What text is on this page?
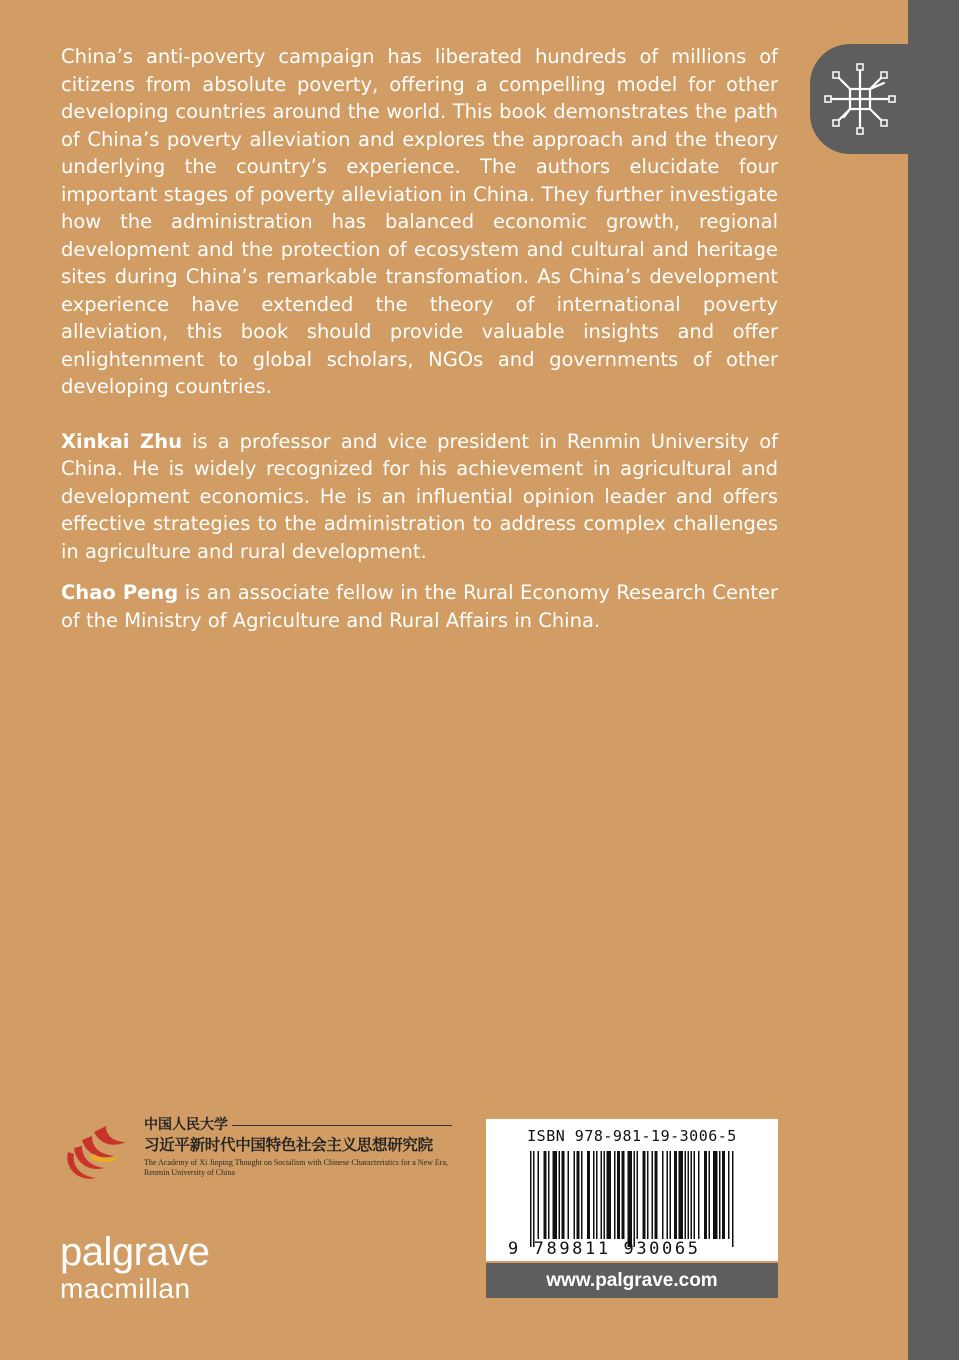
China’s anti-poverty campaign has liberated hundreds of millions of citizens from absolute poverty, offering a compelling model for other developing countries around the world. This book demonstrates the path of China’s poverty alleviation and explores the approach and the theory underlying the country’s experience. The authors elucidate four important stages of poverty alleviation in China. They further investigate how the administration has balanced economic growth, regional development and the protection of ecosystem and cultural and heritage sites during China’s remarkable transfomation. As China’s development experience have extended the theory of international poverty alleviation, this book should provide valuable insights and offer enlightenment to global scholars, NGOs and governments of other developing countries.

Xinkai Zhu is a professor and vice president in Renmin University of China. He is widely recognized for his achievement in agricultural and development economics. He is an influential opinion leader and offers effective strategies to the administration to address complex challenges in agriculture and rural development.

Chao Peng is an associate fellow in the Rural Economy Research Center of the Ministry of Agriculture and Rural Affairs in China.

中国人民大学
习近平新时代中国特色社会主义思想研究院
The Academy of Xi Jinping Thought on Socialism with Chinese Characteristics for a New Era, Renmin University of China
palgrave
macmillan
ISBN 978-981-19-3006-5
9 789811 930065
www.palgrave.com
